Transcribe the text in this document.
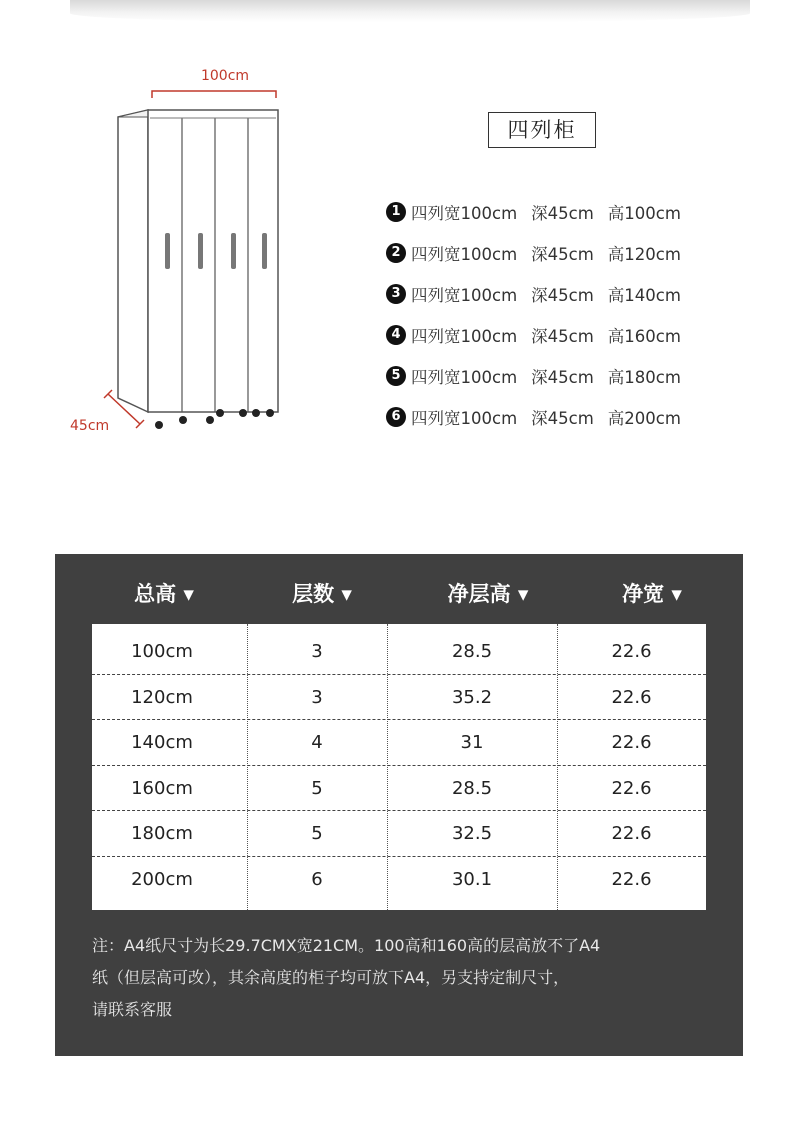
100cm
45cm
四列柜
1 四列宽100cm 深45cm 高100cm
2 四列宽100cm 深45cm 高120cm
3 四列宽100cm 深45cm 高140cm
4 四列宽100cm 深45cm 高160cm
5 四列宽100cm 深45cm 高180cm
6 四列宽100cm 深45cm 高200cm
总高 ▾	层数 ▾	净层高 ▾	净宽 ▾
100cm	3	28.5	22.6
120cm	3	35.2	22.6
140cm	4	31	22.6
160cm	5	28.5	22.6
180cm	5	32.5	22.6
200cm	6	30.1	22.6
注：A4纸尺寸为长29.7CMX宽21CM。100高和160高的层高放不了A4
纸（但层高可改），其余高度的柜子均可放下A4，另支持定制尺寸，
请联系客服
